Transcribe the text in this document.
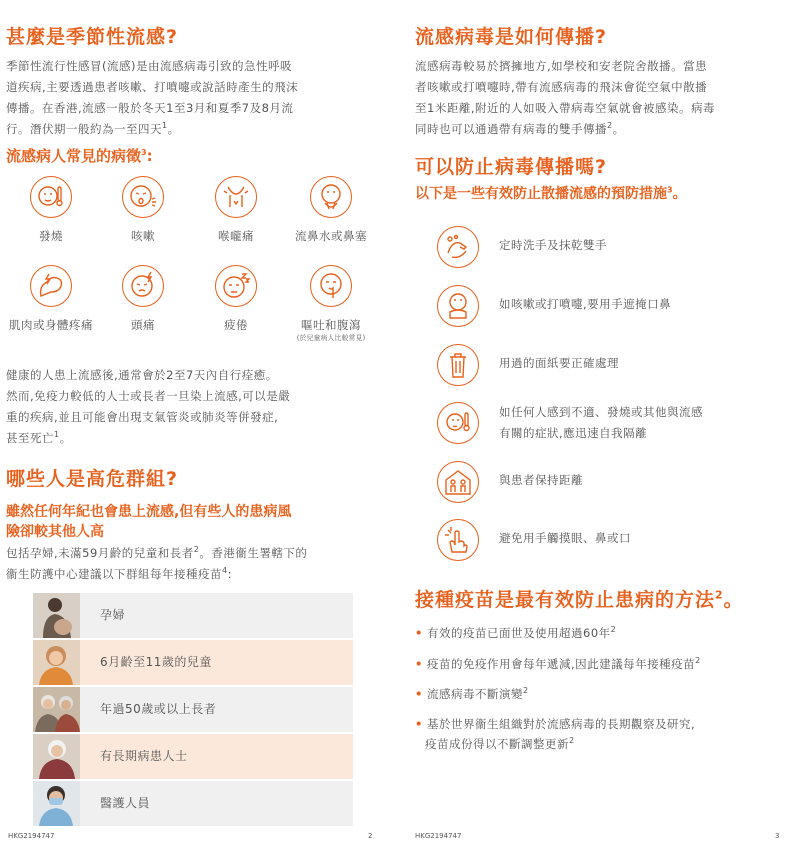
甚麼是季節性流感?
季節性流行性感冒(流感)是由流感病毒引致的急性呼吸
道疾病,主要透過患者咳嗽、打噴嚏或說話時產生的飛沫
傳播。在香港,流感一般於冬天1至3月和夏季7及8月流
行。潛伏期一般約為一至四天$^1$。
流感病人常見的病徵$^3$:
發燒	咳嗽	喉嚨痛	流鼻水或鼻塞
肌肉或身體疼痛	頭痛	疲倦	嘔吐和腹瀉
(於兒童病人比較常見)
健康的人患上流感後,通常會於2至7天內自行痊癒。
然而,免疫力較低的人士或長者一旦染上流感,可以是嚴
重的疾病,並且可能會出現支氣管炎或肺炎等併發症,
甚至死亡$^1$。
哪些人是高危群組?
雖然任何年紀也會患上流感,但有些人的患病風
險卻較其他人高
包括孕婦,未滿59月齡的兒童和長者$^2$。香港衞生署轄下的
衞生防護中心建議以下群組每年接種疫苗$^4$:
孕婦
6月齡至11歲的兒童
年過50歲或以上長者
有長期病患人士
醫護人員
HKG2194747	2
流感病毒是如何傳播?
流感病毒較易於擠擁地方,如學校和安老院舍散播。當患
者咳嗽或打噴嚏時,帶有流感病毒的飛沫會從空氣中散播
至1米距離,附近的人如吸入帶病毒空氣就會被感染。病毒
同時也可以通過帶有病毒的雙手傳播$^2$。
可以防止病毒傳播嗎?
以下是一些有效防止散播流感的預防措施$^3$。
定時洗手及抹乾雙手
如咳嗽或打噴嚏,要用手遮掩口鼻
用過的面紙要正確處理
如任何人感到不適、發燒或其他與流感
有關的症狀,應迅速自我隔離
與患者保持距離
避免用手觸摸眼、鼻或口
接種疫苗是最有效防止患病的方法$^2$。
• 有效的疫苗已面世及使用超過60年$^2$
• 疫苗的免疫作用會每年遞減,因此建議每年接種疫苗$^2$
• 流感病毒不斷演變$^2$
• 基於世界衞生組織對於流感病毒的長期觀察及研究,
疫苗成份得以不斷調整更新$^2$
HKG2194747	3
